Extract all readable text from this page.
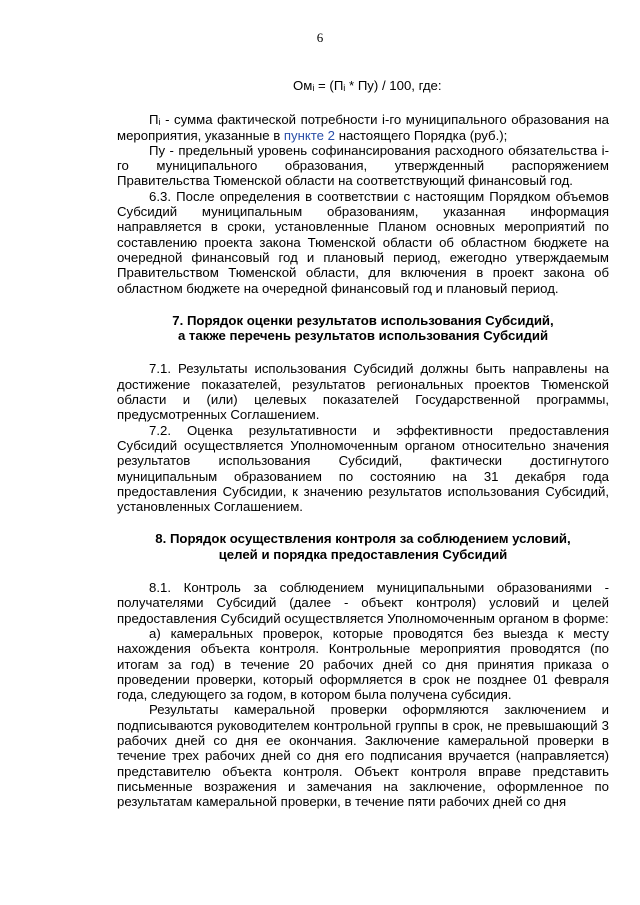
6
Омᵢ = (Пᵢ * Пу) / 100, где:

Пᵢ - сумма фактической потребности i-го муниципального образования на мероприятия, указанные в пункте 2 настоящего Порядка (руб.);

Пу - предельный уровень софинансирования расходного обязательства i-го муниципального образования, утвержденный распоряжением Правительства Тюменской области на соответствующий финансовый год.

6.3. После определения в соответствии с настоящим Порядком объемов Субсидий муниципальным образованиям, указанная информация направляется в сроки, установленные Планом основных мероприятий по составлению проекта закона Тюменской области об областном бюджете на очередной финансовый год и плановый период, ежегодно утверждаемым Правительством Тюменской области, для включения в проект закона об областном бюджете на очередной финансовый год и плановый период.

7. Порядок оценки результатов использования Субсидий,
а также перечень результатов использования Субсидий

7.1. Результаты использования Субсидий должны быть направлены на достижение показателей, результатов региональных проектов Тюменской области и (или) целевых показателей Государственной программы, предусмотренных Соглашением.

7.2. Оценка результативности и эффективности предоставления Субсидий осуществляется Уполномоченным органом относительно значения результатов использования Субсидий, фактически достигнутого муниципальным образованием по состоянию на 31 декабря года предоставления Субсидии, к значению результатов использования Субсидий, установленных Соглашением.

8. Порядок осуществления контроля за соблюдением условий,
целей и порядка предоставления Субсидий

8.1. Контроль за соблюдением муниципальными образованиями - получателями Субсидий (далее - объект контроля) условий и целей предоставления Субсидий осуществляется Уполномоченным органом в форме:

а) камеральных проверок, которые проводятся без выезда к месту нахождения объекта контроля. Контрольные мероприятия проводятся (по итогам за год) в течение 20 рабочих дней со дня принятия приказа о проведении проверки, который оформляется в срок не позднее 01 февраля года, следующего за годом, в котором была получена субсидия.

Результаты камеральной проверки оформляются заключением и подписываются руководителем контрольной группы в срок, не превышающий 3 рабочих дней со дня ее окончания. Заключение камеральной проверки в течение трех рабочих дней со дня его подписания вручается (направляется) представителю объекта контроля. Объект контроля вправе представить письменные возражения и замечания на заключение, оформленное по результатам камеральной проверки, в течение пяти рабочих дней со дня
